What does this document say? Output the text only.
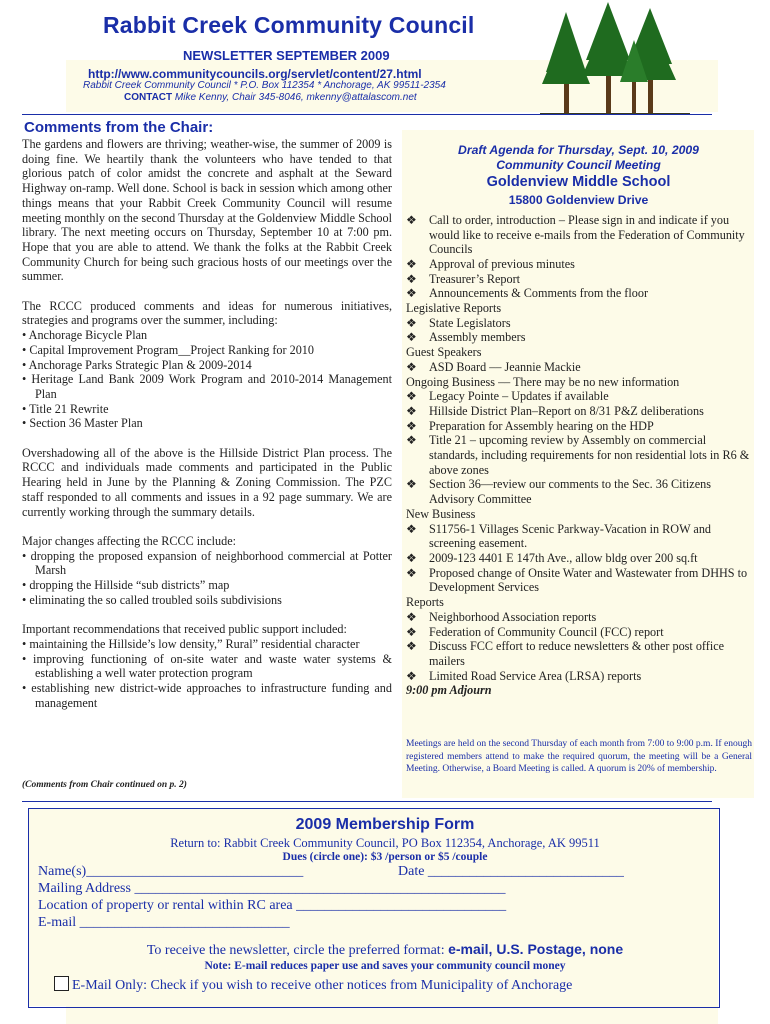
Rabbit Creek Community Council
NEWSLETTER SEPTEMBER 2009
http://www.communitycouncils.org/servlet/content/27.html
Rabbit Creek Community Council * P.O. Box 112354 * Anchorage, AK 99511-2354
CONTACT Mike Kenny, Chair 345-8046, mkenny@attalascom.net
Comments from the Chair:

The gardens and flowers are thriving; weather-wise, the summer of 2009 is doing fine. We heartily thank the volunteers who have tended to that glorious patch of color amidst the concrete and asphalt at the Seward Highway on-ramp. Well done. School is back in session which among other things means that your Rabbit Creek Community Council will resume meeting monthly on the second Thursday at the Goldenview Middle School library. The next meeting occurs on Thursday, September 10 at 7:00 pm. Hope that you are able to attend. We thank the folks at the Rabbit Creek Community Church for being such gracious hosts of our meetings over the summer.

The RCCC produced comments and ideas for numerous initiatives, strategies and programs over the summer, including:

• Anchorage Bicycle Plan
• Capital Improvement Program__Project Ranking for 2010
• Anchorage Parks Strategic Plan & 2009-2014
• Heritage Land Bank 2009 Work Program and 2010-2014 Management Plan
• Title 21 Rewrite
• Section 36 Master Plan

Overshadowing all of the above is the Hillside District Plan process. The RCCC and individuals made comments and participated in the Public Hearing held in June by the Planning & Zoning Commission. The PZC staff responded to all comments and issues in a 92 page summary. We are currently working through the summary details.

Major changes affecting the RCCC include:

• dropping the proposed expansion of neighborhood commercial at Potter Marsh
• dropping the Hillside “sub districts” map
• eliminating the so called troubled soils subdivisions

Important recommendations that received public support included:

• maintaining the Hillside’s low density,” Rural” residential character
• improving functioning of on-site water and waste water systems & establishing a well water protection program
• establishing new district-wide approaches to infrastructure funding and management
(Comments from Chair continued on p. 2)
Draft Agenda for Thursday, Sept. 10, 2009
Community Council Meeting
Goldenview Middle School
15800 Goldenview Drive
❖ Call to order, introduction – Please sign in and indicate if you would like to receive e-mails from the Federation of Community Councils
❖ Approval of previous minutes
❖ Treasurer’s Report
❖ Announcements & Comments from the floor
Legislative Reports
❖ State Legislators
❖ Assembly members
Guest Speakers
❖ ASD Board –– Jeannie Mackie
Ongoing Business –– There may be no new information
❖ Legacy Pointe – Updates if available
❖ Hillside District Plan–Report on 8/31 P&Z deliberations
❖ Preparation for Assembly hearing on the HDP
❖ Title 21 – upcoming review by Assembly on commercial standards, including requirements for non residential lots in R6 & above zones
❖ Section 36––review our comments to the Sec. 36 Citizens Advisory Committee
New Business
❖ S11756-1 Villages Scenic Parkway-Vacation in ROW and screening easement.
❖ 2009-123 4401 E 147th Ave., allow bldg over 200 sq.ft
❖ Proposed change of Onsite Water and Wastewater from DHHS to Development Services
Reports
❖ Neighborhood Association reports
❖ Federation of Community Council (FCC) report
❖ Discuss FCC effort to reduce newsletters & other post office mailers
❖ Limited Road Service Area (LRSA) reports
9:00 pm Adjourn
Meetings are held on the second Thursday of each month from 7:00 to 9:00 p.m. If enough registered members attend to make the required quorum, the meeting will be a General Meeting. Otherwise, a Board Meeting is called. A quorum is 20% of membership.
2009 Membership Form
Return to: Rabbit Creek Community Council, PO Box 112354, Anchorage, AK 99511
Dues (circle one): $3 /person or $5 /couple
Name(s)_______________________________	Date ____________________________
Mailing Address _____________________________________________________
Location of property or rental within RC area ______________________________
E-mail ______________________________
To receive the newsletter, circle the preferred format: e-mail, U.S. Postage, none
Note: E-mail reduces paper use and saves your community council money
E-Mail Only: Check if you wish to receive other notices from Municipality of Anchorage
